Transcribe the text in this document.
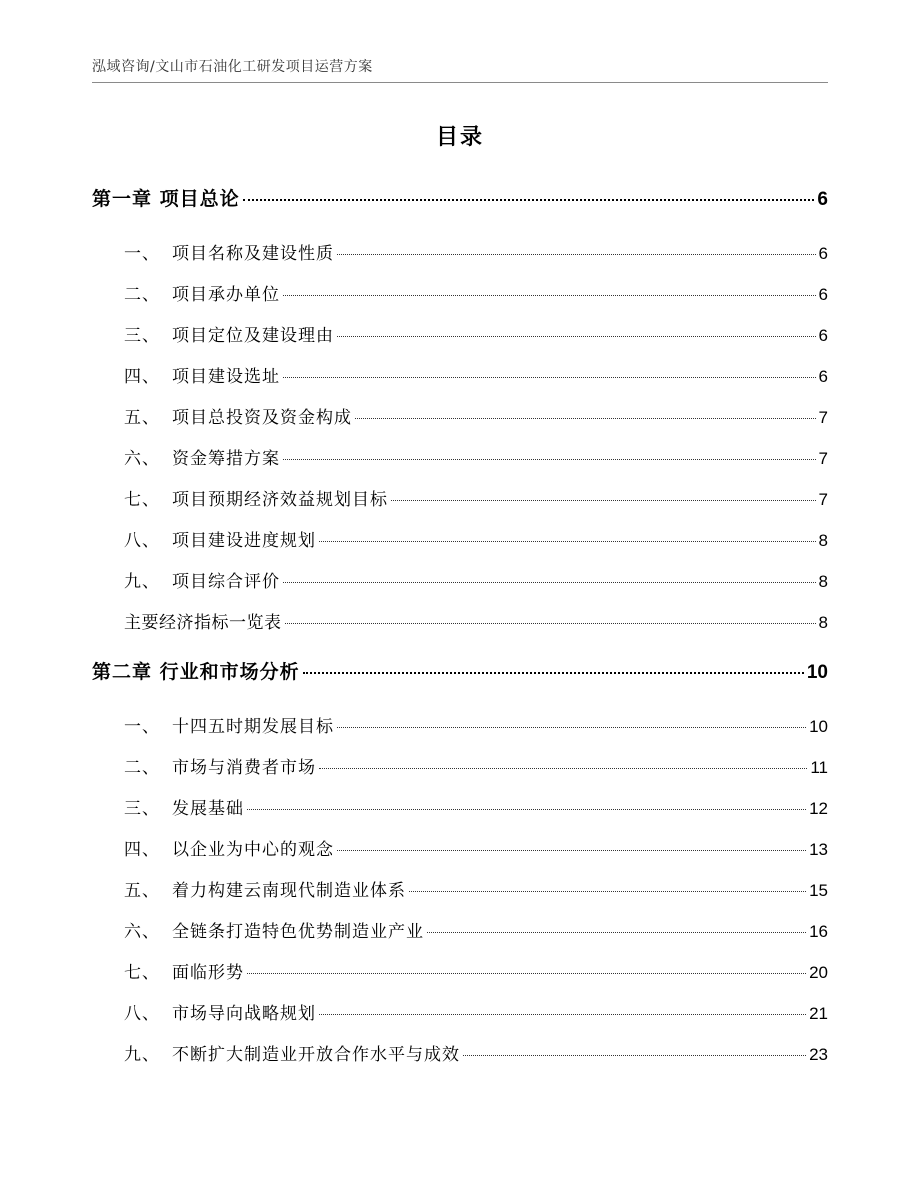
泓域咨询/文山市石油化工研发项目运营方案
目录
第一章 项目总论	6
一、 项目名称及建设性质	6
二、 项目承办单位	6
三、 项目定位及建设理由	6
四、 项目建设选址	6
五、 项目总投资及资金构成	7
六、 资金筹措方案	7
七、 项目预期经济效益规划目标	7
八、 项目建设进度规划	8
九、 项目综合评价	8
主要经济指标一览表	8
第二章 行业和市场分析	10
一、 十四五时期发展目标	10
二、 市场与消费者市场	11
三、 发展基础	12
四、 以企业为中心的观念	13
五、 着力构建云南现代制造业体系	15
六、 全链条打造特色优势制造业产业	16
七、 面临形势	20
八、 市场导向战略规划	21
九、 不断扩大制造业开放合作水平与成效	23
